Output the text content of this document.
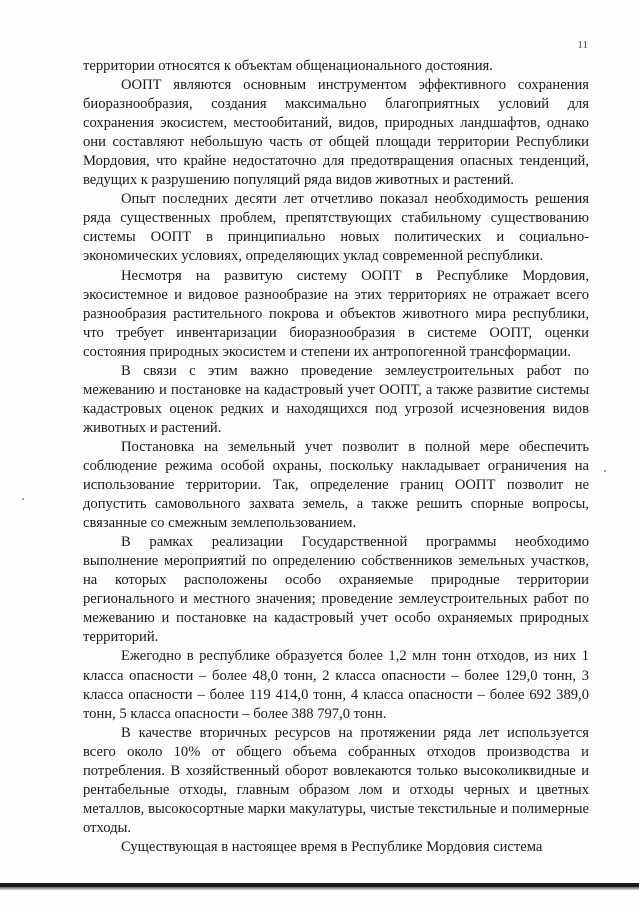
11

территории относятся к объектам общенационального достояния.

ООПТ являются основным инструментом эффективного сохранения биоразнообразия, создания максимально благоприятных условий для сохранения экосистем, местообитаний, видов, природных ландшафтов, однако они составляют небольшую часть от общей площади территории Республики Мордовия, что крайне недостаточно для предотвращения опасных тенденций, ведущих к разрушению популяций ряда видов животных и растений.

Опыт последних десяти лет отчетливо показал необходимость решения ряда существенных проблем, препятствующих стабильному существованию системы ООПТ в принципиально новых политических и социально-экономических условиях, определяющих уклад современной республики.

Несмотря на развитую систему ООПТ в Республике Мордовия, экосистемное и видовое разнообразие на этих территориях не отражает всего разнообразия растительного покрова и объектов животного мира республики, что требует инвентаризации биоразнообразия в системе ООПТ, оценки состояния природных экосистем и степени их антропогенной трансформации.

В связи с этим важно проведение землеустроительных работ по межеванию и постановке на кадастровый учет ООПТ, а также развитие системы кадастровых оценок редких и находящихся под угрозой исчезновения видов животных и растений.

Постановка на земельный учет позволит в полной мере обеспечить соблюдение режима особой охраны, поскольку накладывает ограничения на использование территории. Так, определение границ ООПТ позволит не допустить самовольного захвата земель, а также решить спорные вопросы, связанные со смежным землепользованием.

В рамках реализации Государственной программы необходимо выполнение мероприятий по определению собственников земельных участков, на которых расположены особо охраняемые природные территории регионального и местного значения; проведение землеустроительных работ по межеванию и постановке на кадастровый учет особо охраняемых природных территорий.

Ежегодно в республике образуется более 1,2 млн тонн отходов, из них 1 класса опасности – более 48,0 тонн, 2 класса опасности – более 129,0 тонн, 3 класса опасности – более 119 414,0 тонн, 4 класса опасности – более 692 389,0 тонн, 5 класса опасности – более 388 797,0 тонн.

В качестве вторичных ресурсов на протяжении ряда лет используется всего около 10% от общего объема собранных отходов производства и потребления. В хозяйственный оборот вовлекаются только высоколиквидные и рентабельные отходы, главным образом лом и отходы черных и цветных металлов, высокосортные марки макулатуры, чистые текстильные и полимерные отходы.

Существующая в настоящее время в Республике Мордовия система
